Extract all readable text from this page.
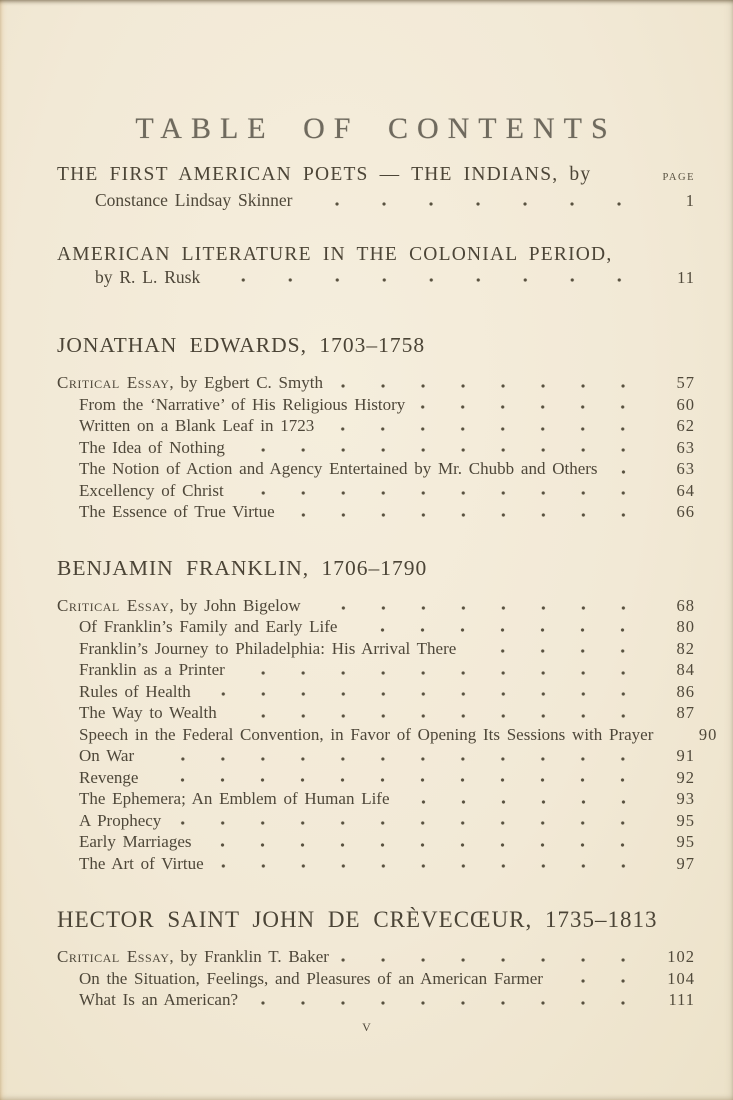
TABLE OF CONTENTS
THE FIRST AMERICAN POETS — THE INDIANS, by	PAGE
Constance Lindsay Skinner	1
AMERICAN LITERATURE IN THE COLONIAL PERIOD,
by R. L. Rusk	11
JONATHAN EDWARDS, 1703–1758
Critical Essay, by Egbert C. Smyth	57
From the ‘Narrative’ of His Religious History	60
Written on a Blank Leaf in 1723	62
The Idea of Nothing	63
The Notion of Action and Agency Entertained by Mr. Chubb and Others	63
Excellency of Christ	64
The Essence of True Virtue	66
BENJAMIN FRANKLIN, 1706–1790
Critical Essay, by John Bigelow	68
Of Franklin’s Family and Early Life	80
Franklin’s Journey to Philadelphia: His Arrival There	82
Franklin as a Printer	84
Rules of Health	86
The Way to Wealth	87
Speech in the Federal Convention, in Favor of Opening Its Sessions with Prayer	90
On War	91
Revenge	92
The Ephemera; An Emblem of Human Life	93
A Prophecy	95
Early Marriages	95
The Art of Virtue	97
HECTOR SAINT JOHN DE CRÈVECŒUR, 1735–1813
Critical Essay, by Franklin T. Baker	102
On the Situation, Feelings, and Pleasures of an American Farmer	104
What Is an American?	111
v
